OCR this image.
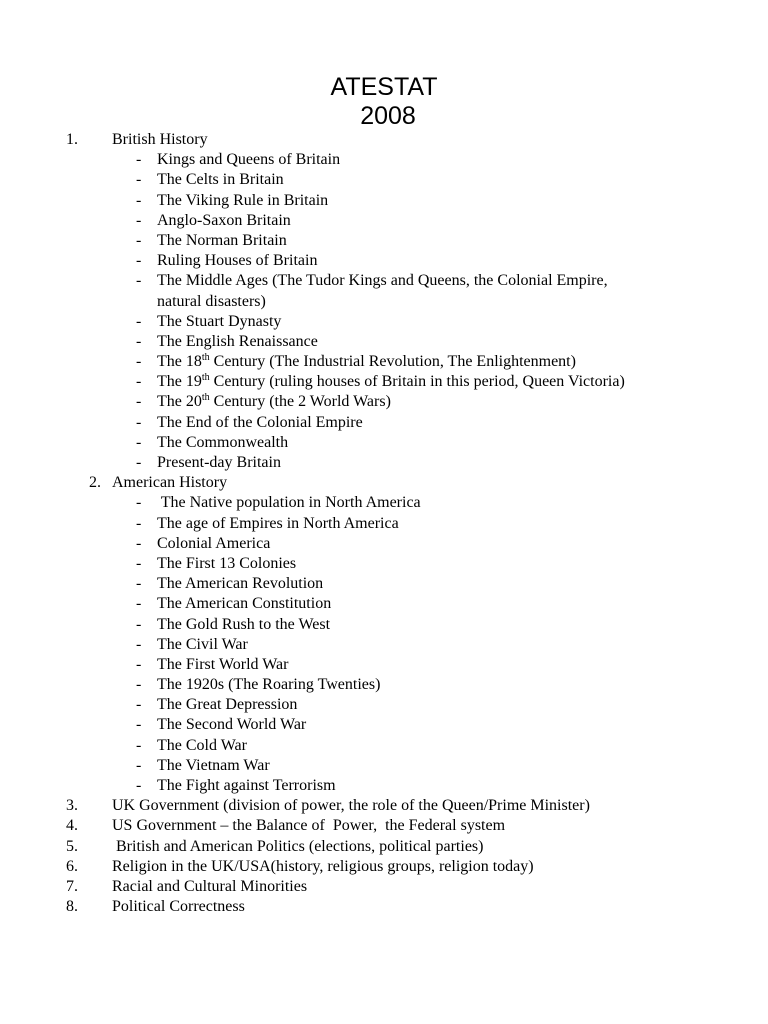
ATESTAT
2008
1. British History
- Kings and Queens of Britain
- The Celts in Britain
- The Viking Rule in Britain
- Anglo-Saxon Britain
- The Norman Britain
- Ruling Houses of Britain
- The Middle Ages (The Tudor Kings and Queens, the Colonial Empire,
natural disasters)
- The Stuart Dynasty
- The English Renaissance
- The 18th Century (The Industrial Revolution, The Enlightenment)
- The 19th Century (ruling houses of Britain in this period, Queen Victoria)
- The 20th Century (the 2 World Wars)
- The End of the Colonial Empire
- The Commonwealth
- Present-day Britain
2. American History
- The Native population in North America
- The age of Empires in North America
- Colonial America
- The First 13 Colonies
- The American Revolution
- The American Constitution
- The Gold Rush to the West
- The Civil War
- The First World War
- The 1920s (The Roaring Twenties)
- The Great Depression
- The Second World War
- The Cold War
- The Vietnam War
- The Fight against Terrorism
3. UK Government (division of power, the role of the Queen/Prime Minister)
4. US Government – the Balance of  Power,  the Federal system
5. British and American Politics (elections, political parties)
6. Religion in the UK/USA(history, religious groups, religion today)
7. Racial and Cultural Minorities
8. Political Correctness
